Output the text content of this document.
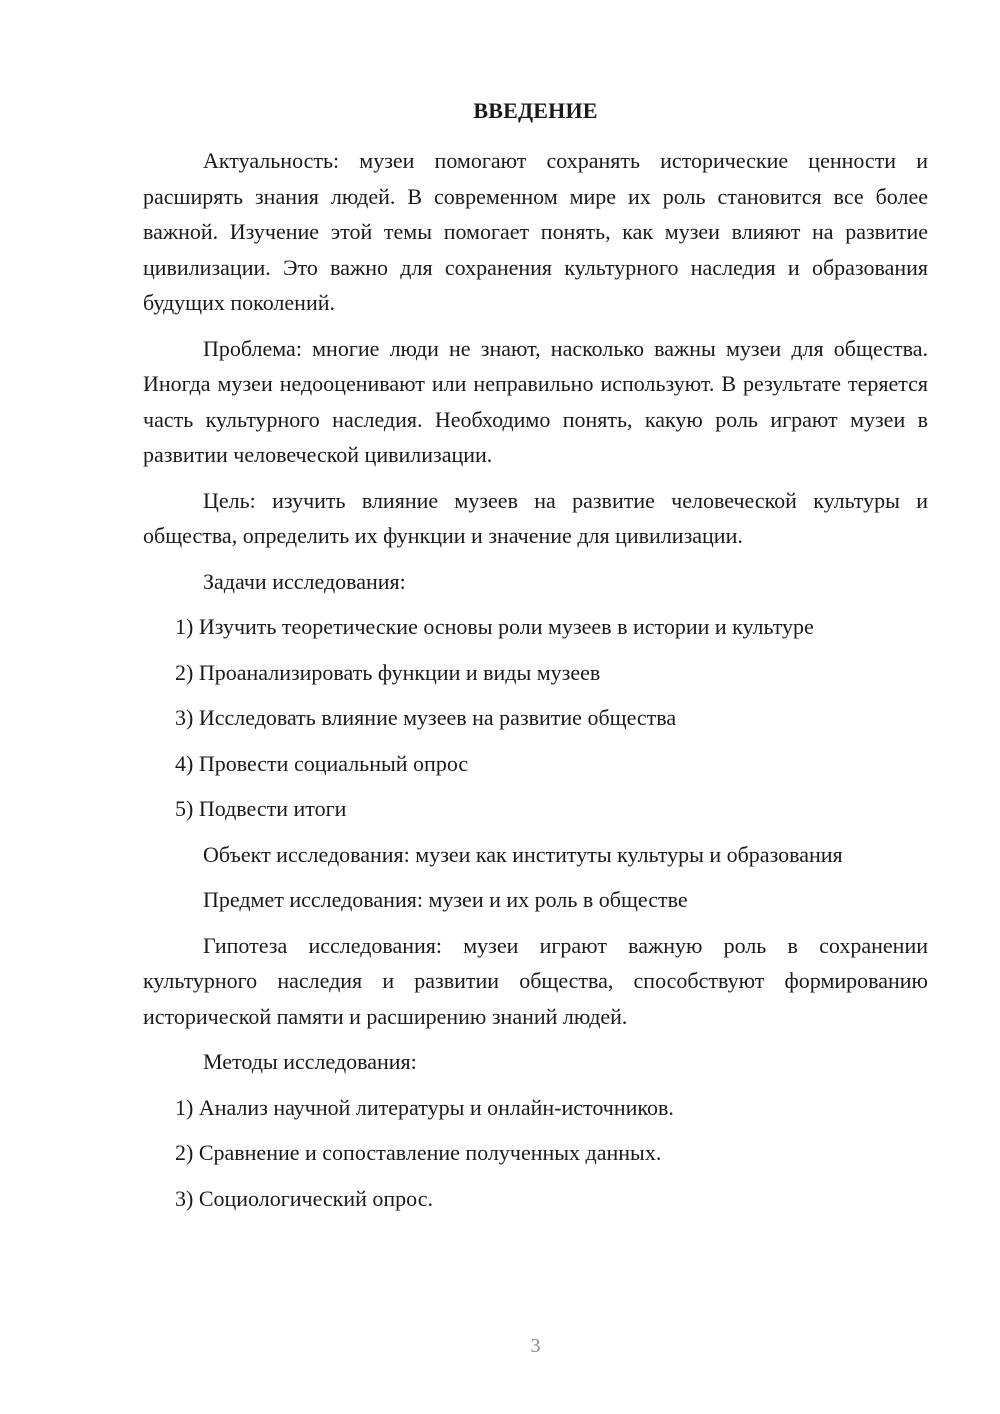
ВВЕДЕНИЕ

Актуальность: музеи помогают сохранять исторические ценности и расширять знания людей. В современном мире их роль становится все более важной. Изучение этой темы помогает понять, как музеи влияют на развитие цивилизации. Это важно для сохранения культурного наследия и образования будущих поколений.

Проблема: многие люди не знают, насколько важны музеи для общества. Иногда музеи недооценивают или неправильно используют. В результате теряется часть культурного наследия. Необходимо понять, какую роль играют музеи в развитии человеческой цивилизации.

Цель: изучить влияние музеев на развитие человеческой культуры и общества, определить их функции и значение для цивилизации.

Задачи исследования:

1) Изучить теоретические основы роли музеев в истории и культуре

2) Проанализировать функции и виды музеев

3) Исследовать влияние музеев на развитие общества

4) Провести социальный опрос

5) Подвести итоги

Объект исследования: музеи как институты культуры и образования

Предмет исследования: музеи и их роль в обществе

Гипотеза исследования: музеи играют важную роль в сохранении культурного наследия и развитии общества, способствуют формированию исторической памяти и расширению знаний людей.

Методы исследования:

1) Анализ научной литературы и онлайн-источников.

2) Сравнение и сопоставление полученных данных.

3) Социологический опрос.

3
